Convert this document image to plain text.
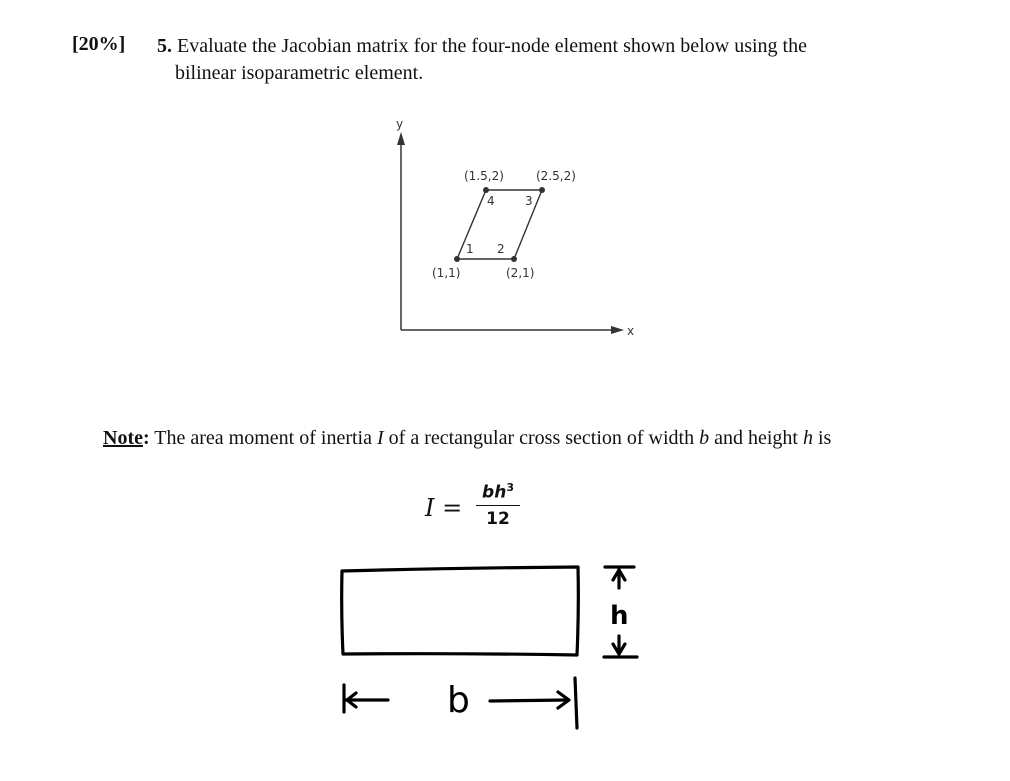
[20%] 5. Evaluate the Jacobian matrix for the four-node element shown below using the
bilinear isoparametric element.
y
x
1 2
3
4
(1,1)	(2,1)
(2.5,2)
(1.5,2)
Note: The area moment of inertia I of a rectangular cross section of width b and height h is
$I = \frac{bh^3}{12}$
h
b
